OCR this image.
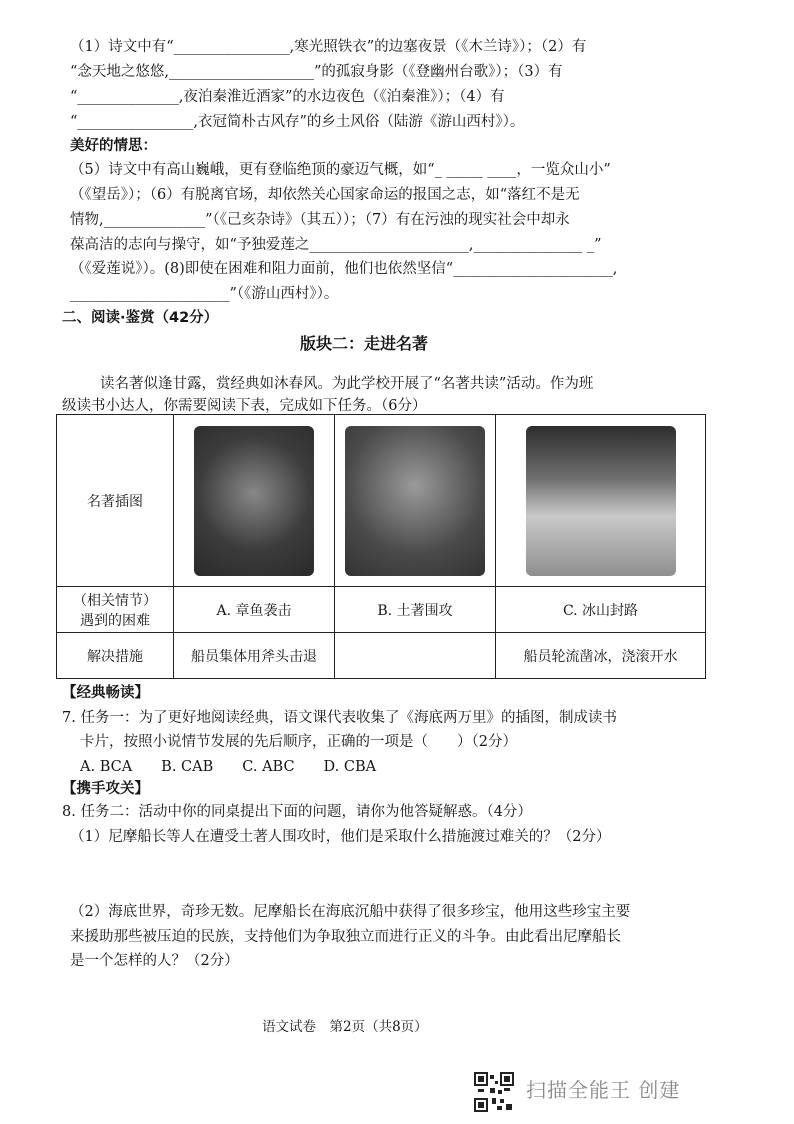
（1）诗文中有“________________,寒光照铁衣”的边塞夜景（《木兰诗》）；（2）有
“念天地之悠悠,____________________”的孤寂身影（《登幽州台歌》）；（3）有
“______________,夜泊秦淮近酒家”的水边夜色（《泊秦淮》）；（4）有
“________________,衣冠简朴古风存”的乡土风俗（陆游《游山西村》）。
美好的情思：
（5）诗文中有高山巍峨，更有登临绝顶的豪迈气概，如“_ _____ ____，一览众山小”
（《望岳》）；（6）有脱离官场，却依然关心国家命运的报国之志，如“落红不是无
情物,______________”（《己亥杂诗》（其五））；（7）有在污浊的现实社会中却永
葆高洁的志向与操守，如“予独爱莲之______________________,_______________ _”
（《爱莲说》）。(8)即使在困难和阻力面前，他们也依然坚信“______________________,
______________________”（《游山西村》）。
二、阅读·鉴赏（42分）
版块二：走进名著
读名著似逢甘露，赏经典如沐春风。为此学校开展了“名著共读”活动。作为班
级读书小达人，你需要阅读下表，完成如下任务。（6分）
名著插图	

（相关情节）
遇到的困难	A. 章鱼袭击	B. 土著围攻	C. 冰山封路
解决措施	船员集体用斧头击退		船员轮流凿冰，浇滚开水
【经典畅读】
7. 任务一：为了更好地阅读经典，语文课代表收集了《海底两万里》的插图，制成读书
卡片，按照小说情节发展的先后顺序，正确的一项是（　　）（2分）
A. BCA　　B. CAB　　C. ABC　　D. CBA
【携手攻关】
8. 任务二：活动中你的同桌提出下面的问题，请你为他答疑解惑。（4分）
（1）尼摩船长等人在遭受土著人围攻时，他们是采取什么措施渡过难关的？（2分）
（2）海底世界，奇珍无数。尼摩船长在海底沉船中获得了很多珍宝，他用这些珍宝主要
来援助那些被压迫的民族，支持他们为争取独立而进行正义的斗争。由此看出尼摩船长
是一个怎样的人？（2分）
语文试卷　第2页（共8页）
扫描全能王 创建
